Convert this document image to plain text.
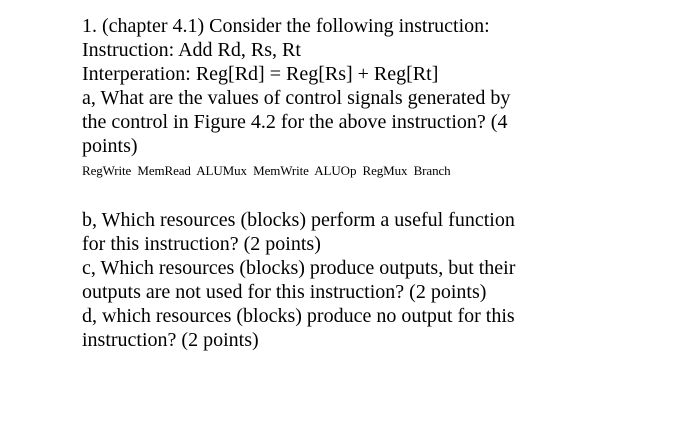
1. (chapter 4.1) Consider the following instruction:
Instruction: Add Rd, Rs, Rt
Interperation: Reg[Rd] = Reg[Rs] + Reg[Rt]
a, What are the values of control signals generated by
the control in Figure 4.2 for the above instruction? (4
points)
RegWrite MemRead ALUMux MemWrite ALUOp RegMux Branch
b, Which resources (blocks) perform a useful function
for this instruction? (2 points)
c, Which resources (blocks) produce outputs, but their
outputs are not used for this instruction? (2 points)
d, which resources (blocks) produce no output for this
instruction? (2 points)
